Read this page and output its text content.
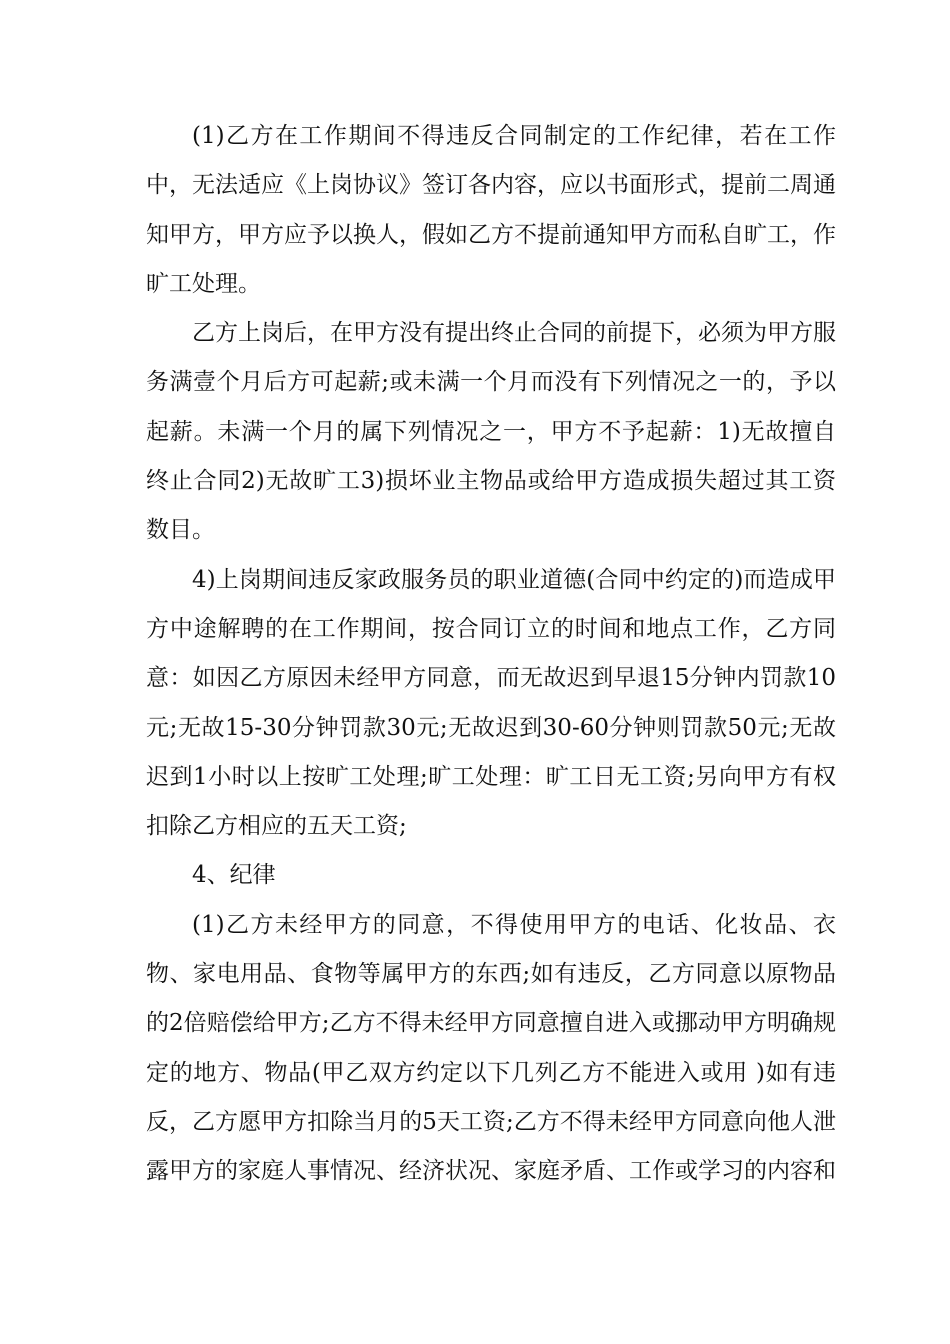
(1)乙方在工作期间不得违反合同制定的工作纪律，若在工作中，无法适应《上岗协议》签订各内容，应以书面形式，提前二周通知甲方，甲方应予以换人，假如乙方不提前通知甲方而私自旷工，作旷工处理。

乙方上岗后，在甲方没有提出终止合同的前提下，必须为甲方服务满壹个月后方可起薪;或未满一个月而没有下列情况之一的，予以起薪。未满一个月的属下列情况之一，甲方不予起薪：1)无故擅自终止合同2)无故旷工3)损坏业主物品或给甲方造成损失超过其工资数目。

4)上岗期间违反家政服务员的职业道德(合同中约定的)而造成甲方中途解聘的在工作期间，按合同订立的时间和地点工作，乙方同意：如因乙方原因未经甲方同意，而无故迟到早退15分钟内罚款10元;无故15-30分钟罚款30元;无故迟到30-60分钟则罚款50元;无故迟到1小时以上按旷工处理;旷工处理：旷工日无工资;另向甲方有权扣除乙方相应的五天工资;

4、纪律

(1)乙方未经甲方的同意，不得使用甲方的电话、化妆品、衣物、家电用品、食物等属甲方的东西;如有违反，乙方同意以原物品的2倍赔偿给甲方;乙方不得未经甲方同意擅自进入或挪动甲方明确规定的地方、物品(甲乙双方约定以下几列乙方不能进入或用 )如有违反，乙方愿甲方扣除当月的5天工资;乙方不得未经甲方同意向他人泄露甲方的家庭人事情况、经济状况、家庭矛盾、工作或学习的内容和
